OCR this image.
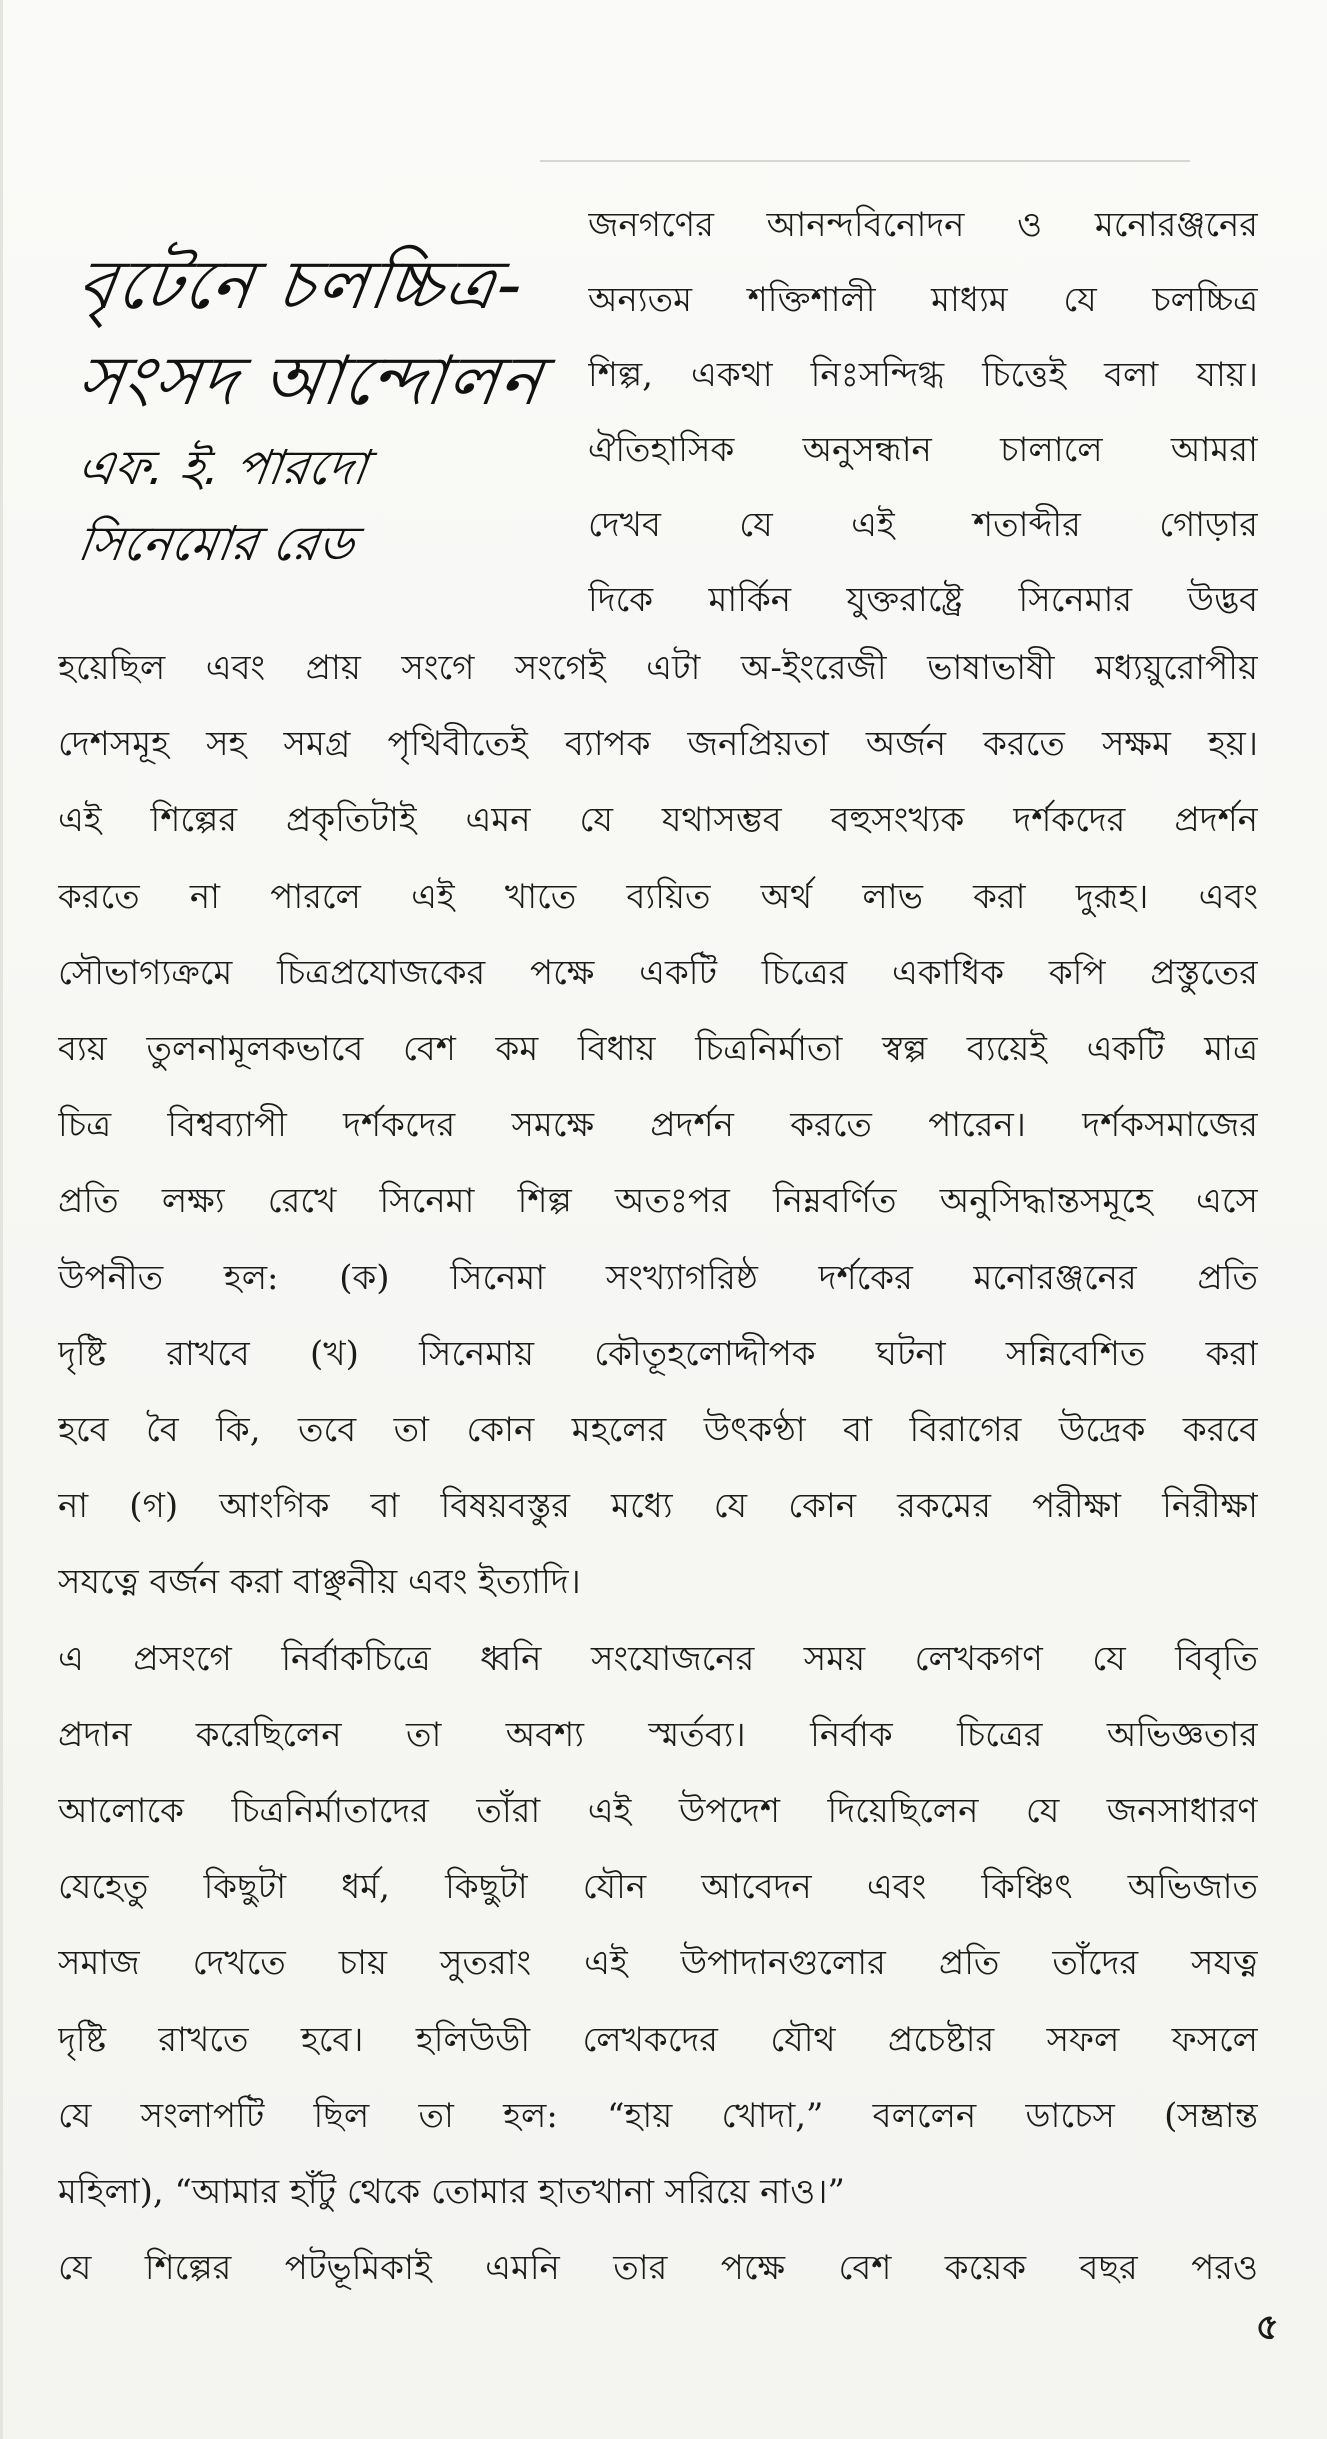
বৃটেনে চলচ্চিত্র-
সংসদ আন্দোলন
এফ. ই. পারদো
সিনেমোর রেড
জনগণের আনন্দবিনোদন ও মনোরঞ্জনের
অন্যতম শক্তিশালী মাধ্যম যে চলচ্চিত্র
শিল্প, একথা নিঃসন্দিগ্ধ চিত্তেই বলা যায়।
ঐতিহাসিক অনুসন্ধান চালালে আমরা
দেখব যে এই শতাব্দীর গোড়ার
দিকে মার্কিন যুক্তরাষ্ট্রে সিনেমার উদ্ভব
হয়েছিল এবং প্রায় সংগে সংগেই এটা অ-ইংরেজী ভাষাভাষী মধ্যয়ুরোপীয়
দেশসমূহ সহ সমগ্র পৃথিবীতেই ব্যাপক জনপ্রিয়তা অর্জন করতে সক্ষম হয়।
এই শিল্পের প্রকৃতিটাই এমন যে যথাসম্ভব বহুসংখ্যক দর্শকদের প্রদর্শন
করতে না পারলে এই খাতে ব্যয়িত অর্থ লাভ করা দুরূহ। এবং
সৌভাগ্যক্রমে চিত্রপ্রযোজকের পক্ষে একটি চিত্রের একাধিক কপি প্রস্তুতের
ব্যয় তুলনামূলকভাবে বেশ কম বিধায় চিত্রনির্মাতা স্বল্প ব্যয়েই একটি মাত্র
চিত্র বিশ্বব্যাপী দর্শকদের সমক্ষে প্রদর্শন করতে পারেন। দর্শকসমাজের
প্রতি লক্ষ্য রেখে সিনেমা শিল্প অতঃপর নিম্নবর্ণিত অনুসিদ্ধান্তসমূহে এসে
উপনীত হল: (ক) সিনেমা সংখ্যাগরিষ্ঠ দর্শকের মনোরঞ্জনের প্রতি
দৃষ্টি রাখবে (খ) সিনেমায় কৌতূহলোদ্দীপক ঘটনা সন্নিবেশিত করা
হবে বৈ কি, তবে তা কোন মহলের উৎকণ্ঠা বা বিরাগের উদ্রেক করবে
না (গ) আংগিক বা বিষয়বস্তুর মধ্যে যে কোন রকমের পরীক্ষা নিরীক্ষা
সযত্নে বর্জন করা বাঞ্ছনীয় এবং ইত্যাদি।
এ প্রসংগে নির্বাকচিত্রে ধ্বনি সংযোজনের সময় লেখকগণ যে বিবৃতি
প্রদান করেছিলেন তা অবশ্য স্মর্তব্য। নির্বাক চিত্রের অভিজ্ঞতার
আলোকে চিত্রনির্মাতাদের তাঁরা এই উপদেশ দিয়েছিলেন যে জনসাধারণ
যেহেতু কিছুটা ধর্ম, কিছুটা যৌন আবেদন এবং কিঞ্চিৎ অভিজাত
সমাজ দেখতে চায় সুতরাং এই উপাদানগুলোর প্রতি তাঁদের সযত্ন
দৃষ্টি রাখতে হবে। হলিউডী লেখকদের যৌথ প্রচেষ্টার সফল ফসলে
যে সংলাপটি ছিল তা হল: “হায় খোদা,” বললেন ডাচেস (সম্ভ্রান্ত
মহিলা), “আমার হাঁটু থেকে তোমার হাতখানা সরিয়ে নাও।”
যে শিল্পের পটভূমিকাই এমনি তার পক্ষে বেশ কয়েক বছর পরও
৫
